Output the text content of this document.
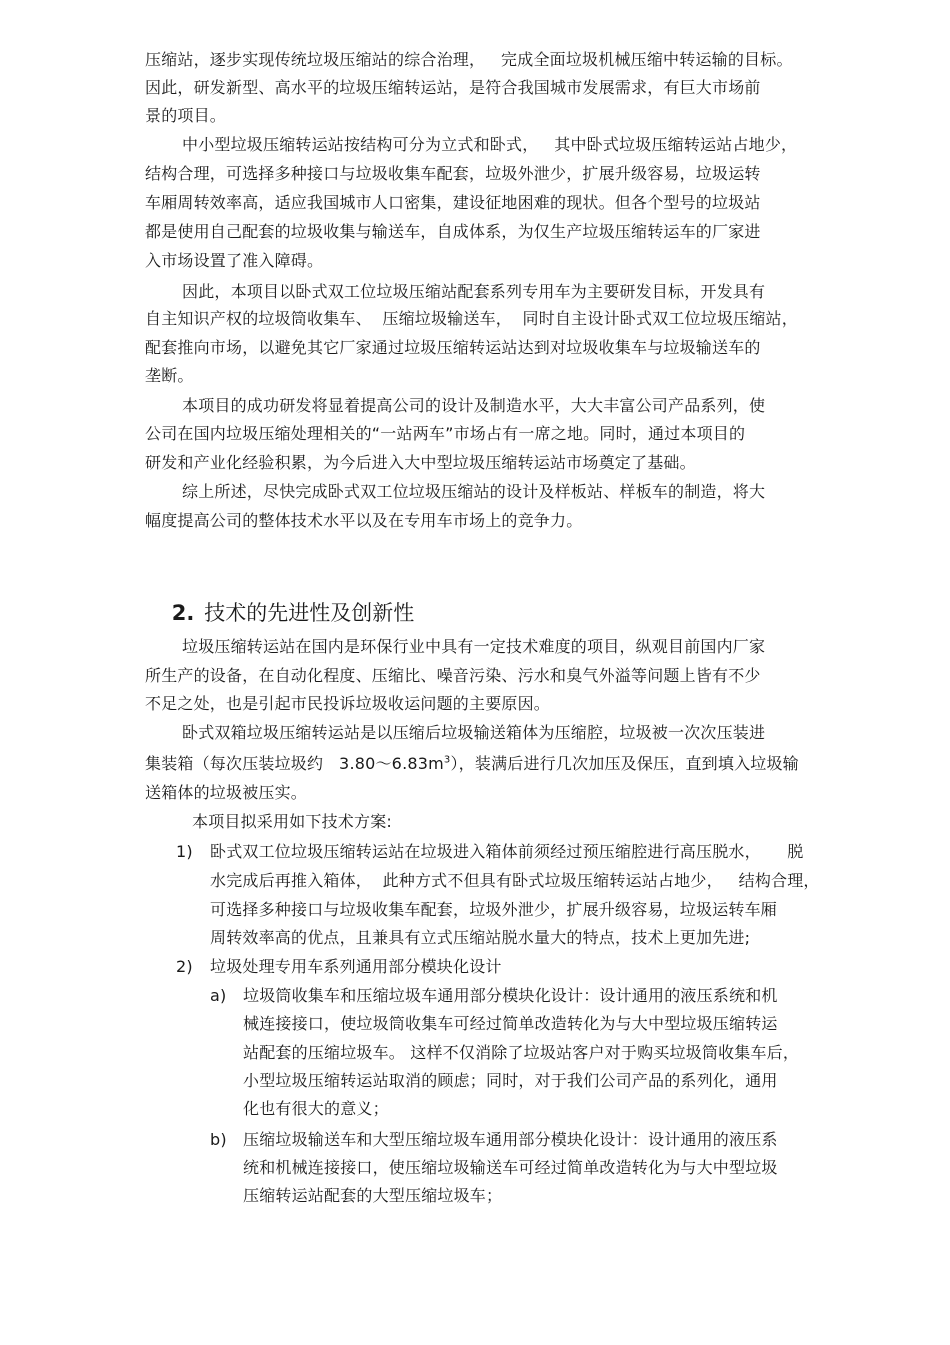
压缩站，逐步实现传统垃圾压缩站的综合治理，   完成全面垃圾机械压缩中转运输的目标。
因此，研发新型、高水平的垃圾压缩转运站，是符合我国城市发展需求，有巨大市场前
景的项目。
中小型垃圾压缩转运站按结构可分为立式和卧式，   其中卧式垃圾压缩转运站占地少，
结构合理，可选择多种接口与垃圾收集车配套，垃圾外泄少，扩展升级容易，垃圾运转
车厢周转效率高，适应我国城市人口密集，建设征地困难的现状。但各个型号的垃圾站
都是使用自己配套的垃圾收集与输送车，自成体系，为仅生产垃圾压缩转运车的厂家进
入市场设置了准入障碍。
因此，本项目以卧式双工位垃圾压缩站配套系列专用车为主要研发目标，开发具有
自主知识产权的垃圾筒收集车、  压缩垃圾输送车，  同时自主设计卧式双工位垃圾压缩站，
配套推向市场，以避免其它厂家通过垃圾压缩转运站达到对垃圾收集车与垃圾输送车的
垄断。
本项目的成功研发将显着提高公司的设计及制造水平，大大丰富公司产品系列，使
公司在国内垃圾压缩处理相关的“一站两车”市场占有一席之地。同时，通过本项目的
研发和产业化经验积累，为今后进入大中型垃圾压缩转运站市场奠定了基础。
综上所述，尽快完成卧式双工位垃圾压缩站的设计及样板站、样板车的制造，将大
幅度提高公司的整体技术水平以及在专用车市场上的竞争力。

2. 技术的先进性及创新性

垃圾压缩转运站在国内是环保行业中具有一定技术难度的项目，纵观目前国内厂家
所生产的设备，在自动化程度、压缩比、噪音污染、污水和臭气外溢等问题上皆有不少
不足之处，也是引起市民投诉垃圾收运问题的主要原因。
卧式双箱垃圾压缩转运站是以压缩后垃圾输送箱体为压缩腔，垃圾被一次次压装进
集装箱（每次压装垃圾约   $3.80\sim 6.83m^3$），装满后进行几次加压及保压，直到填入垃圾输
送箱体的垃圾被压实。
本项目拟采用如下技术方案:
1) 卧式双工位垃圾压缩转运站在垃圾进入箱体前须经过预压缩腔进行高压脱水，     脱
水完成后再推入箱体，  此种方式不但具有卧式垃圾压缩转运站占地少，   结构合理，
可选择多种接口与垃圾收集车配套，垃圾外泄少，扩展升级容易，垃圾运转车厢
周转效率高的优点，且兼具有立式压缩站脱水量大的特点，技术上更加先进;
2) 垃圾处理专用车系列通用部分模块化设计
a) 垃圾筒收集车和压缩垃圾车通用部分模块化设计：设计通用的液压系统和机
械连接接口，使垃圾筒收集车可经过简单改造转化为与大中型垃圾压缩转运
站配套的压缩垃圾车。 这样不仅消除了垃圾站客户对于购买垃圾筒收集车后，
小型垃圾压缩转运站取消的顾虑；同时，对于我们公司产品的系列化，通用
化也有很大的意义；
b) 压缩垃圾输送车和大型压缩垃圾车通用部分模块化设计：设计通用的液压系
统和机械连接接口，使压缩垃圾输送车可经过简单改造转化为与大中型垃圾
压缩转运站配套的大型压缩垃圾车；
